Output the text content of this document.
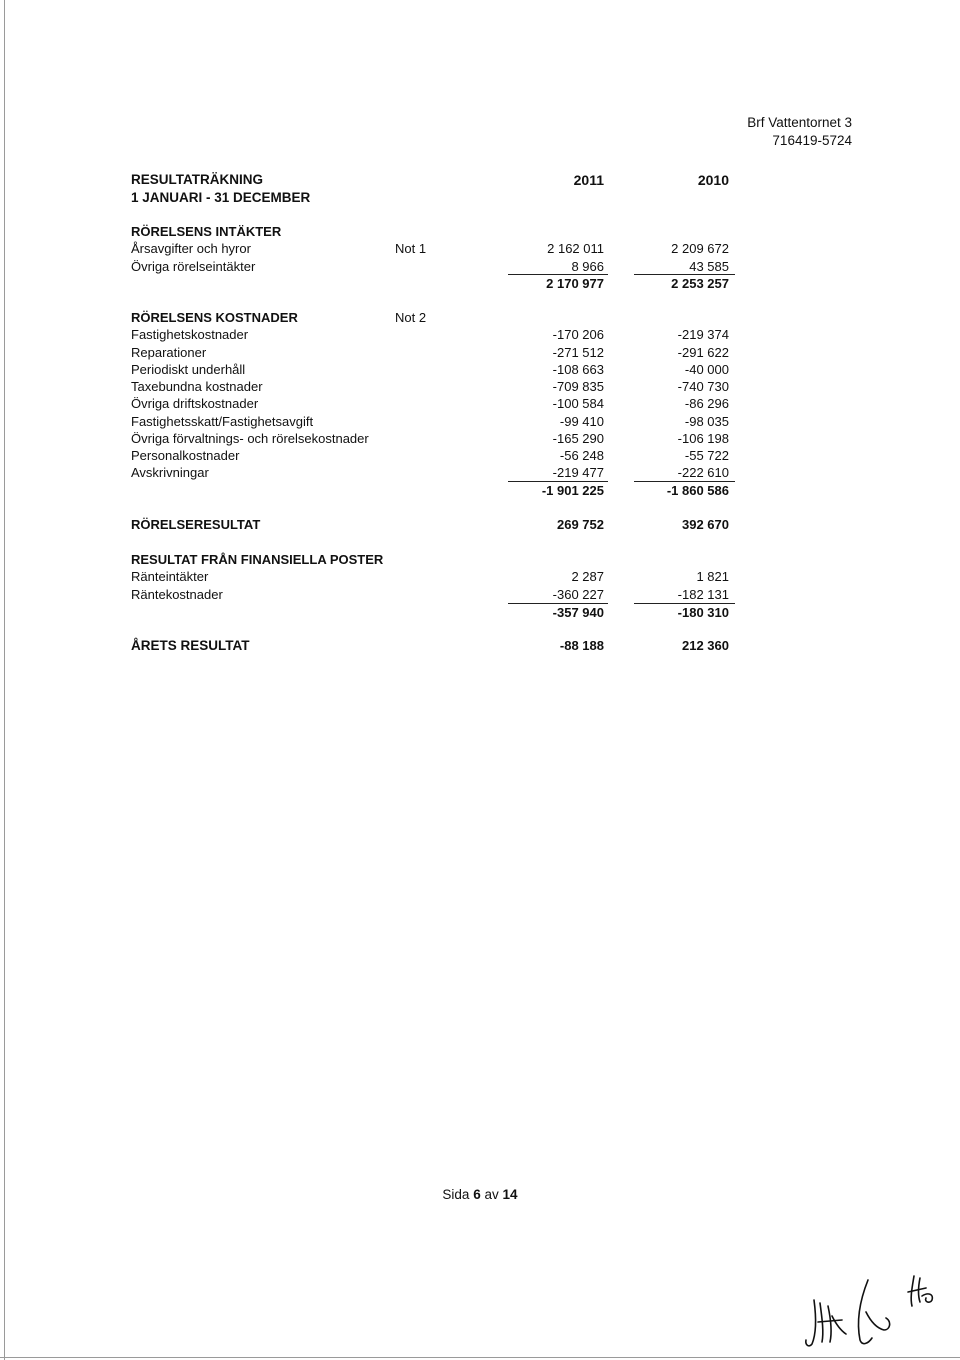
Brf Vattentornet 3
716419-5724
RESULTATRÄKNING
1 JANUARI - 31 DECEMBER
2011	2010
RÖRELSENS INTÄKTER
Årsavgifter och hyror	Not 1	2 162 011	2 209 672
Övriga rörelseintäkter	8 966	43 585
2 170 977	2 253 257
RÖRELSENS KOSTNADER	Not 2
Fastighetskostnader	-170 206	-219 374
Reparationer	-271 512	-291 622
Periodiskt underhåll	-108 663	-40 000
Taxebundna kostnader	-709 835	-740 730
Övriga driftskostnader	-100 584	-86 296
Fastighetsskatt/Fastighetsavgift	-99 410	-98 035
Övriga förvaltnings- och rörelsekostnader	-165 290	-106 198
Personalkostnader	-56 248	-55 722
Avskrivningar	-219 477	-222 610
-1 901 225	-1 860 586
RÖRELSERESULTAT	269 752	392 670
RESULTAT FRÅN FINANSIELLA POSTER
Ränteintäkter	2 287	1 821
Räntekostnader	-360 227	-182 131
-357 940	-180 310
ÅRETS RESULTAT	-88 188	212 360
Sida 6 av 14
